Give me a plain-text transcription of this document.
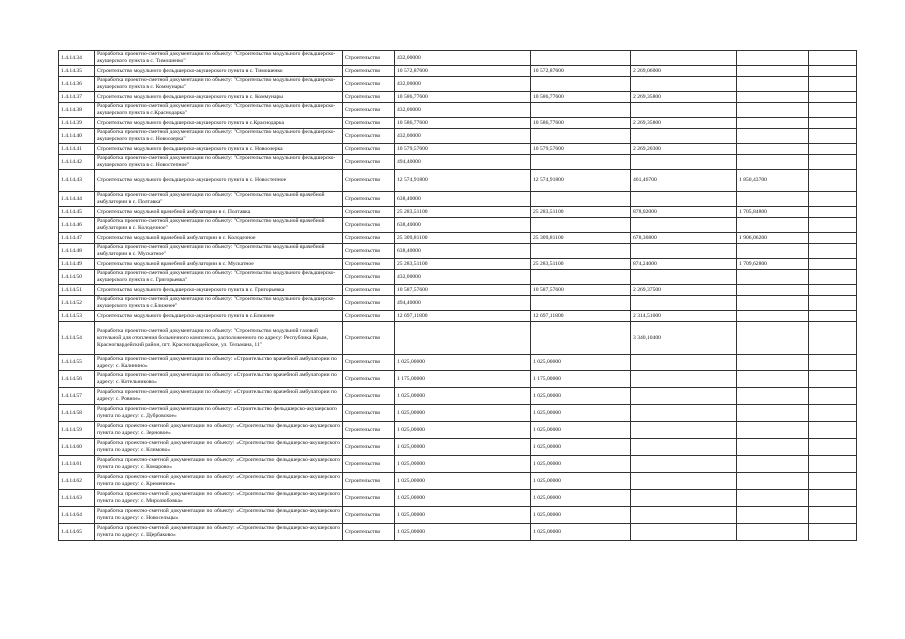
1.4.14.34	Разработка проектно-сметной документации по объекту: "Строительство модульного фельдшерско-акушерского пункта в с. Тимошенко"	Строительство	432,00000				
1.4.14.35	Строительство модульного фельдшерско-акушерского пункта в с. Тимошенко	Строительство	10 572,87600	10 572,87600	2 269,06000		
1.4.14.36	Разработка проектно-сметной документации по объекту: "Строительство модульного фельдшерско-акушерского пункта в с. Коммунары"	Строительство	432,00000				
1.4.14.37	Строительство модульного фельдшерско-акушерского пункта в с. Коммунары	Строительство	10 586,77600	10 586,77600	2 269,35800		
1.4.14.38	Разработка проектно-сметной документации по объекту: "Строительство модульного фельдшерско-акушерского пункта в с.Краснодарка"	Строительство	432,00000				
1.4.14.39	Строительство модульного фельдшерско-акушерского пункта в с.Краснодарка	Строительство	10 586,77600	10 586,77600	2 269,35800		
1.4.14.40	Разработка проектно-сметной документации по объекту: "Строительство модульного фельдшерско-акушерского пункта в с. Новоозерка"	Строительство	432,00000				
1.4.14.41	Строительство модульного фельдшерско-акушерского пункта в с. Новоозерка	Строительство	10 579,57600	10 579,57600	2 269,20300		
1.4.14.42	Разработка проектно-сметной документации по объекту: "Строительство модульного фельдшерско-акушерского пункта в с. Новостепное"	Строительство	494,40000				
1.4.14.43	Строительство модульного фельдшерско-акушерского пункта в с. Новостепное	Строительство	12 574,91800	12 574,91800	461,46700	1 850,43700	
1.4.14.44	Разработка проектно-сметной документации по объекту: "Строительство модульной врачебной амбулатории в с. Полтавка"	Строительство	638,40000				
1.4.14.45	Строительство модульной врачебной амбулатории в с. Полтавка	Строительство	25 283,51100	25 283,51100	878,02000	1 705,84800	
1.4.14.46	Разработка проектно-сметной документации по объекту: "Строительство модульной врачебной амбулатории в с. Колодезное"	Строительство	638,40000				
1.4.14.47	Строительство модульной врачебной амбулатории в с. Колодезное	Строительство	25 309,81100	25 309,81100	678,36800	1 906,06200	
1.4.14.48	Разработка проектно-сметной документации по объекту: "Строительство модульной врачебной амбулатории в с. Мускатное"	Строительство	638,40000				
1.4.14.49	Строительство модульной врачебной амбулатории в с. Мускатное	Строительство	25 283,51100	25 283,51100	874,24000	1 709,62800	
1.4.14.50	Разработка проектно-сметной документации по объекту: "Строительство модульного фельдшерско-акушерского пункта в с. Григорьевка"	Строительство	432,00000				
1.4.14.51	Строительство модульного фельдшерско-акушерского пункта в с. Григорьевка	Строительство	10 587,57600	10 587,57600	2 269,37500		
1.4.14.52	Разработка проектно-сметной документации по объекту: "Строительство модульного фельдшерско-акушерского пункта в с.Ближнее"	Строительство	494,40000				
1.4.14.53	Строительство модульного фельдшерско-акушерского пункта в с.Ближнее	Строительство	12 697,11800	12 697,11800	2 314,51000		
1.4.14.54	Разработка проектно-сметной документации по объекту: "Строительство модульной газовой котельной для отопления больничного комплекса, расположенного по адресу: Республика Крым, Красногвардейский район, пгт. Красногвардейское, ул. Тельмана, 11"	Строительство			3 340,10400		
1.4.14.55	Разработка проектно-сметной документации по объекту: «Строительство врачебной амбулатории по адресу: с. Калинино»	Строительство	1 025,00000	1 025,00000			
1.4.14.56	Разработка проектно-сметной документации по объекту: «Строительство врачебной амбулатории по адресу: с. Котельниково»	Строительство	1 175,00000	1 175,00000			
1.4.14.57	Разработка проектно-сметной документации по объекту: «Строительство врачебной амбулатории по адресу: с. Ровное»	Строительство	1 025,00000	1 025,00000			
1.4.14.58	Разработка проектно-сметной документации по объекту: «Строительство фельдшерско-акушерского пункта по адресу: с. Дубровское»	Строительство	1 025,00000	1 025,00000			
1.4.14.59	Разработка проектно-сметной документации по объекту: «Строительство фельдшерско-акушерского пункта по адресу: с. Зерновое»	Строительство	1 025,00000	1 025,00000			
1.4.14.60	Разработка проектно-сметной документации по объекту: «Строительство фельдшерско-акушерского пункта по адресу: с. Климово»	Строительство	1 025,00000	1 025,00000			
1.4.14.61	Разработка проектно-сметной документации по объекту: «Строительство фельдшерско-акушерского пункта по адресу: с. Комарово»	Строительство	1 025,00000	1 025,00000			
1.4.14.62	Разработка проектно-сметной документации по объекту: «Строительство фельдшерско-акушерского пункта по адресу: с. Кременное»	Строительство	1 025,00000	1 025,00000			
1.4.14.63	Разработка проектно-сметной документации по объекту: «Строительство фельдшерско-акушерского пункта по адресу: с. Миролюбовка»	Строительство	1 025,00000	1 025,00000			
1.4.14.64	Разработка проектно-сметной документации по объекту: «Строительство фельдшерско-акушерского пункта по адресу: с. Новосельцы»	Строительство	1 025,00000	1 025,00000			
1.4.14.65	Разработка проектно-сметной документации по объекту: «Строительство фельдшерско-акушерского пункта по адресу: с. Щербаково»	Строительство	1 025,00000	1 025,00000			
